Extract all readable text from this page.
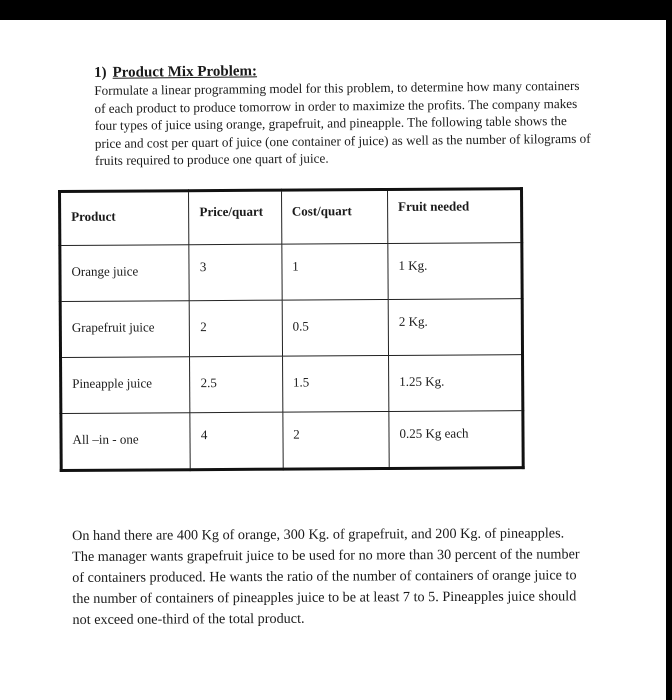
1) Product Mix Problem:

Formulate a linear programming model for this problem, to determine how many containers
of each product to produce tomorrow in order to maximize the profits. The company makes
four types of juice using orange, grapefruit, and pineapple. The following table shows the
price and cost per quart of juice (one container of juice) as well as the number of kilograms of
fruits required to produce one quart of juice.

Product	Price/quart	Cost/quart	Fruit needed
Orange juice	3	1	1 Kg.
Grapefruit juice	2	0.5	2 Kg.
Pineapple juice	2.5	1.5	1.25 Kg.
All –in - one	4	2	0.25 Kg each
On hand there are 400 Kg of orange, 300 Kg. of grapefruit, and 200 Kg. of pineapples.
The manager wants grapefruit juice to be used for no more than 30 percent of the number
of containers produced. He wants the ratio of the number of containers of orange juice to
the number of containers of pineapples juice to be at least 7 to 5. Pineapples juice should
not exceed one-third of the total product.
